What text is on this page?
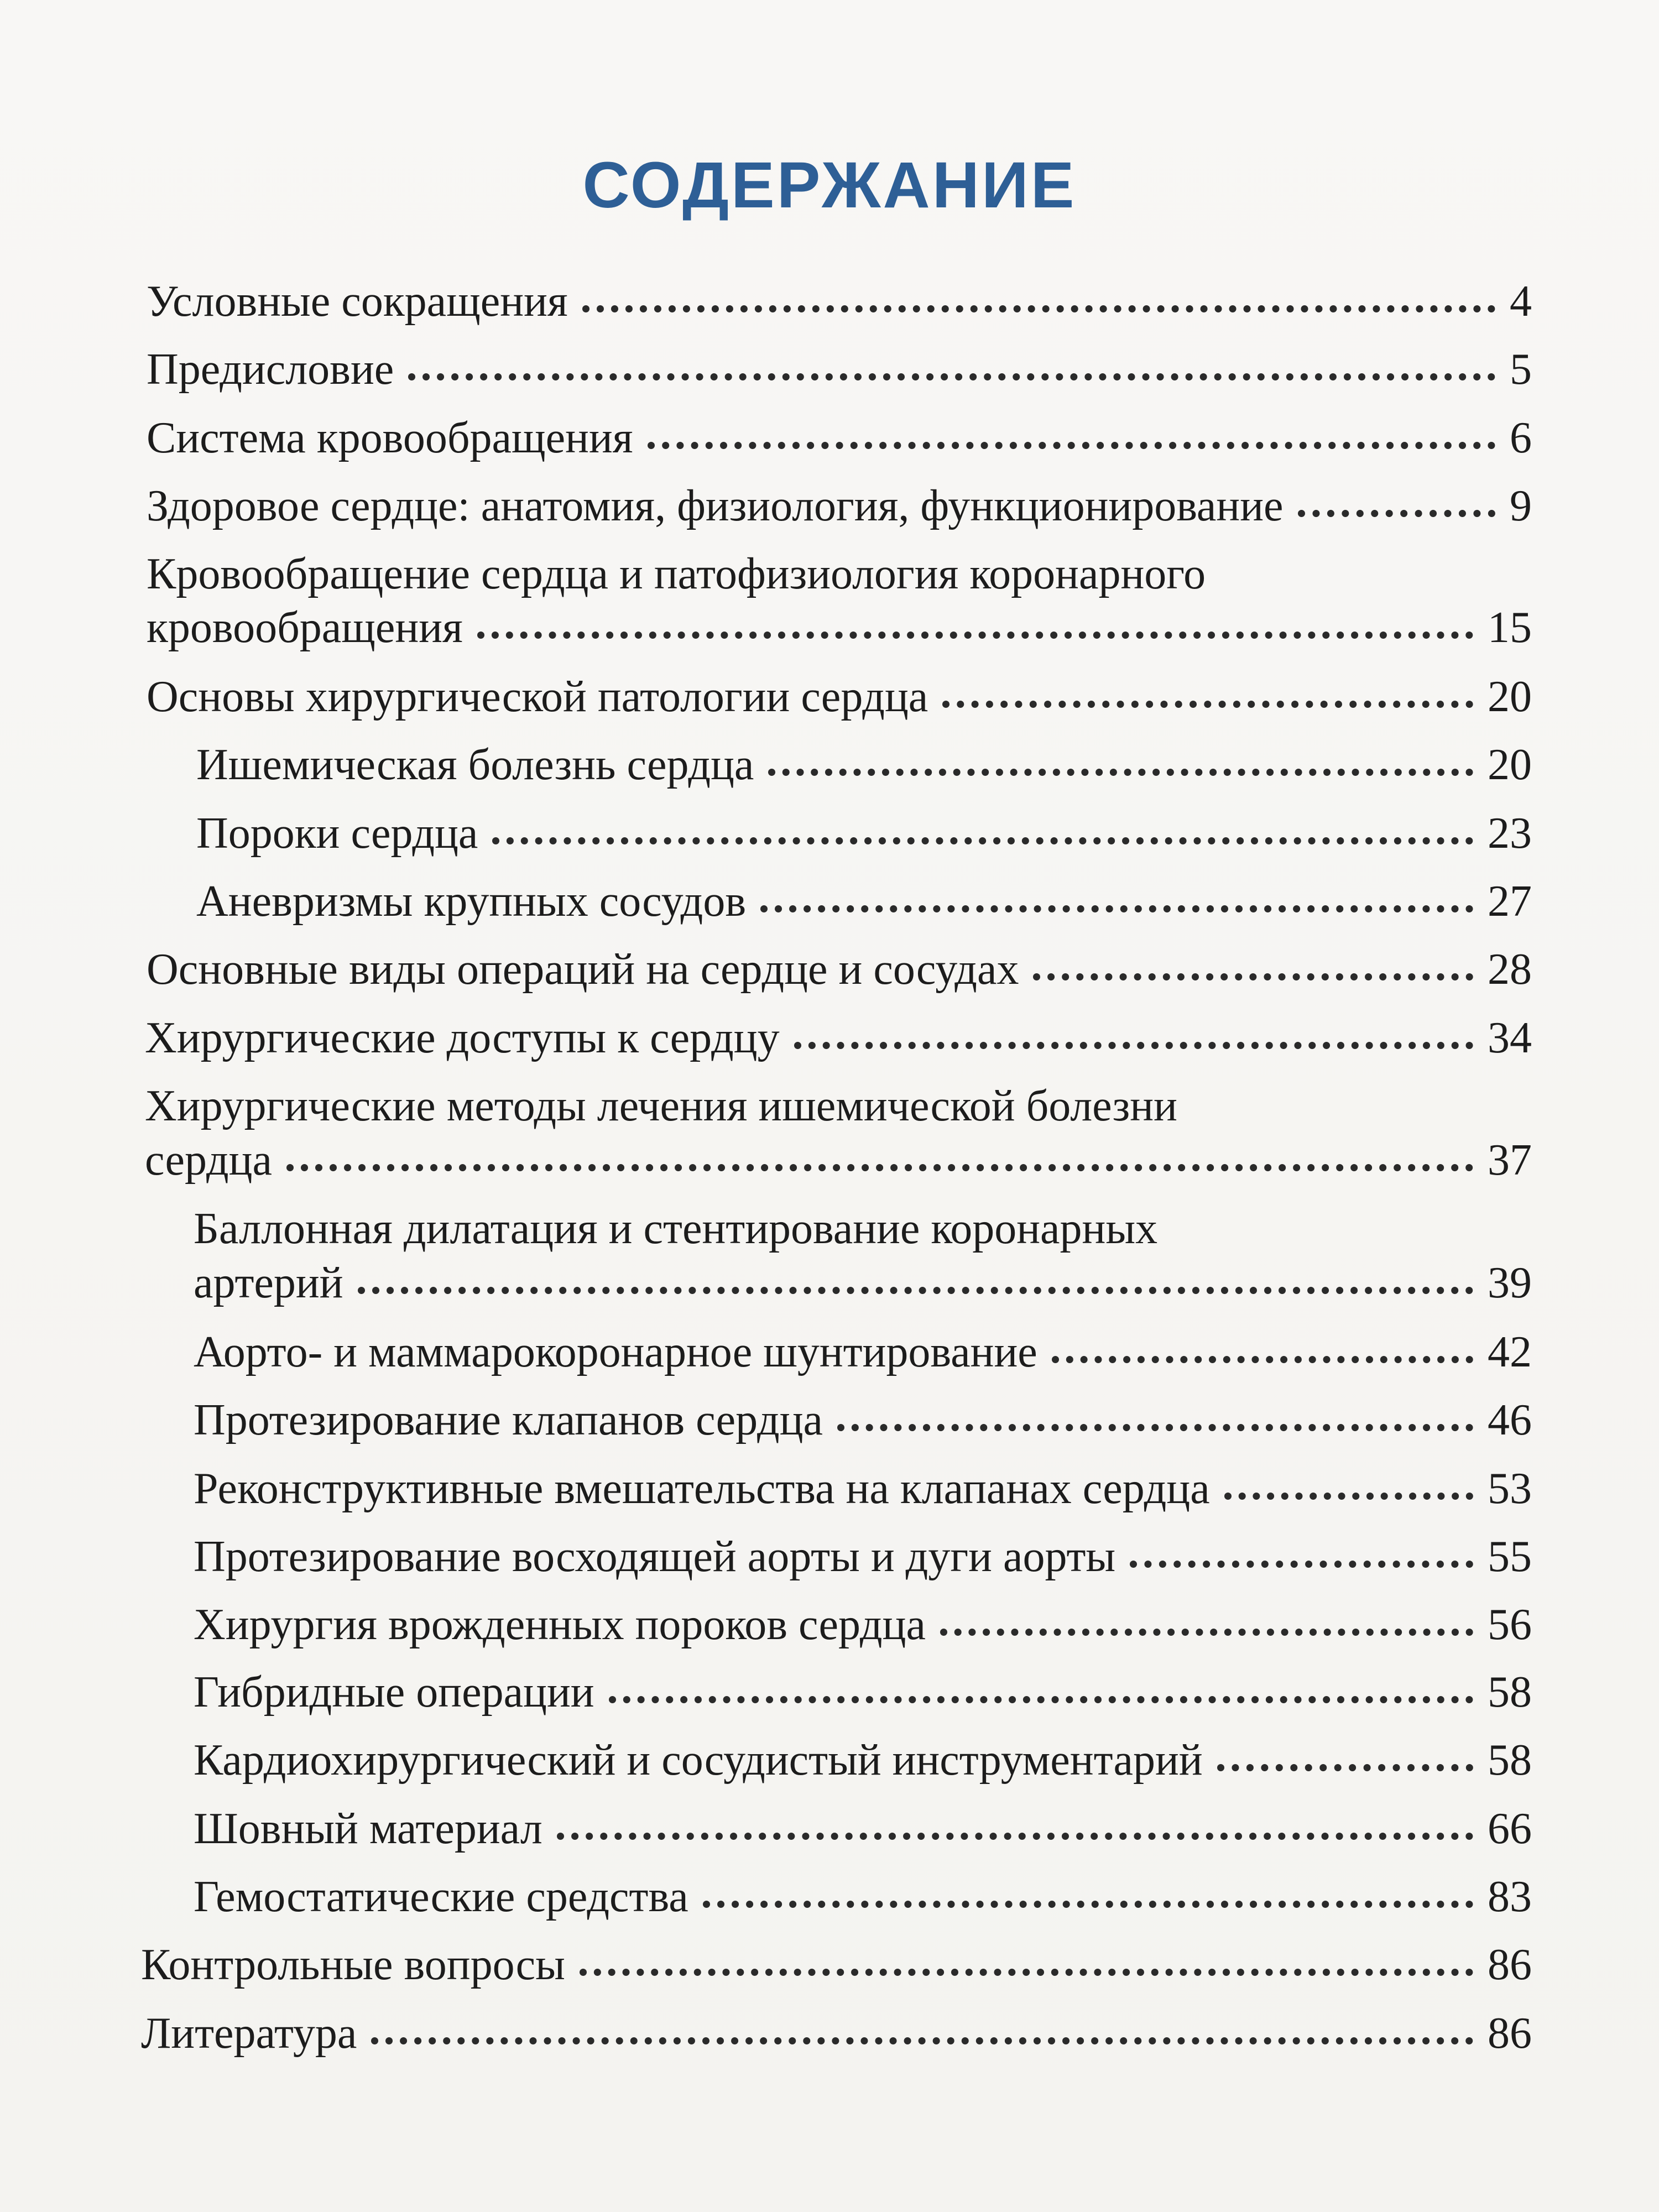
СОДЕРЖАНИЕ
Условные сокращения	4
Предисловие	5
Система кровообращения	6
Здоровое сердце: анатомия, физиология, функционирование	9
Кровообращение сердца и патофизиология коронарного
кровообращения	15
Основы хирургической патологии сердца	20
Ишемическая болезнь сердца	20
Пороки сердца	23
Аневризмы крупных сосудов	27
Основные виды операций на сердце и сосудах	28
Хирургические доступы к сердцу	34
Хирургические методы лечения ишемической болезни
сердца	37
Баллонная дилатация и стентирование коронарных
артерий	39
Аорто- и маммарокоронарное шунтирование	42
Протезирование клапанов сердца	46
Реконструктивные вмешательства на клапанах сердца	53
Протезирование восходящей аорты и дуги аорты	55
Хирургия врожденных пороков сердца	56
Гибридные операции	58
Кардиохирургический и сосудистый инструментарий	58
Шовный материал	66
Гемостатические средства	83
Контрольные вопросы	86
Литература	86
